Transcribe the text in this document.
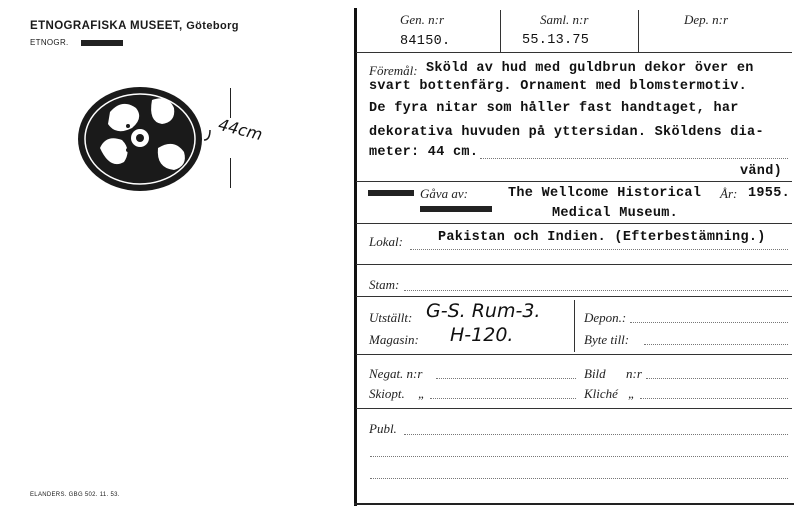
ETNOGRAFISKA MUSEET, Göteborg
ETNOGR.
44cm
ELANDERS. GBG 502. 11. 53.
Gen. n:r	Saml. n:r	Dep. n:r
84150.	55.13.75
Föremål: Sköld av hud med guldbrun dekor över en
svart bottenfärg. Ornament med blomstermotiv.
De fyra nitar som håller fast handtaget, har
dekorativa huvuden på yttersidan. Sköldens dia-
meter: 44 cm.
vänd)
Gåva av:	The Wellcome Historical År: 1955.
Medical Museum.
Lokal:	Pakistan och Indien. (Efterbestämning.)
Stam:
Utställt: G-S. Rum-3.	Depon.:
Magasin: H-120.	Byte till:
Negat. n:r	Bild n:r
Skiopt. „	Kliché „
Publ.
